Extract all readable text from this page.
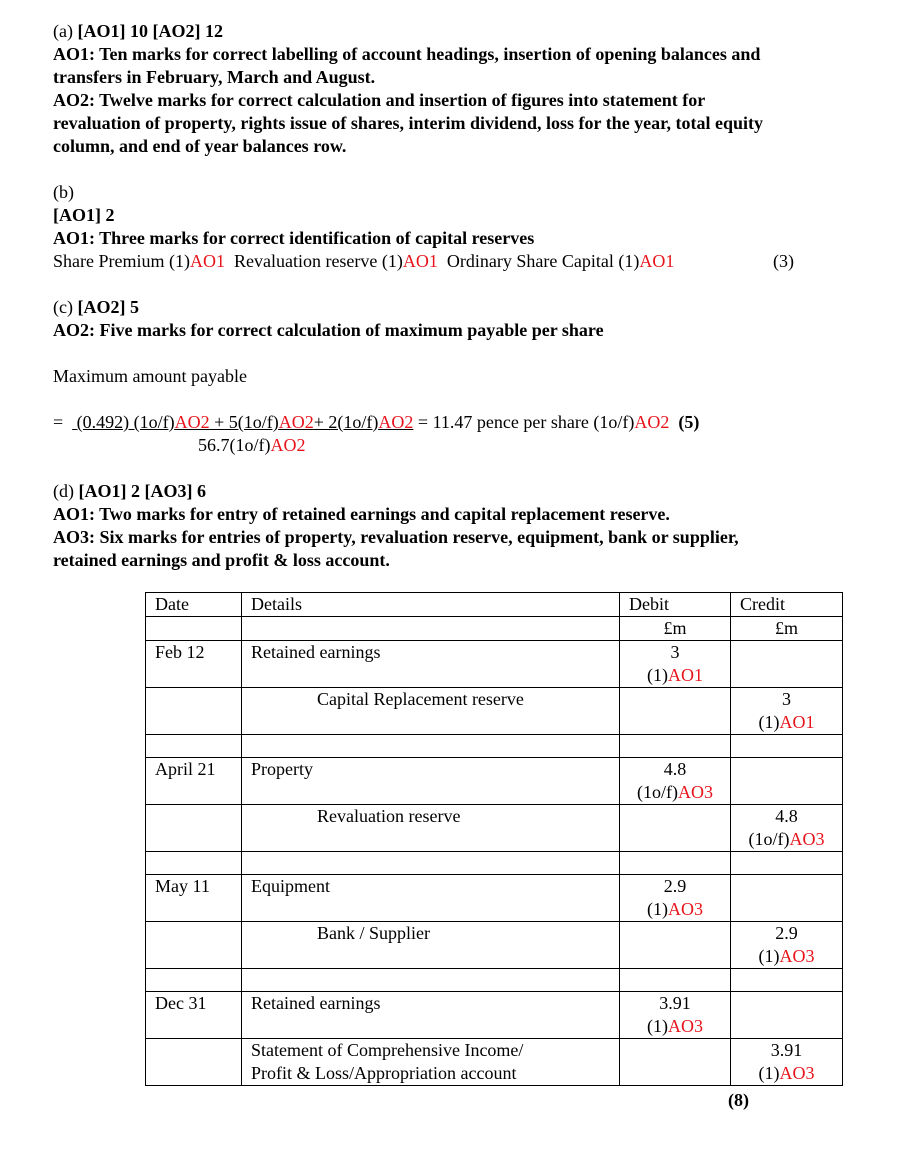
(a) [AO1] 10 [AO2] 12
AO1: Ten marks for correct labelling of account headings, insertion of opening balances and
transfers in February, March and August.
AO2: Twelve marks for correct calculation and insertion of figures into statement for
revaluation of property, rights issue of shares, interim dividend, loss for the year, total equity
column, and end of year balances row.
(b)
[AO1] 2
AO1: Three marks for correct identification of capital reserves
Share Premium (1)AO1 Revaluation reserve (1)AO1 Ordinary Share Capital (1)AO1	(3)
(c) [AO2] 5
AO2: Five marks for correct calculation of maximum payable per share
Maximum amount payable
= (0.492) (1o/f)AO2 + 5(1o/f)AO2+ 2(1o/f)AO2 = 11.47 pence per share (1o/f)AO2 (5)
56.7(1o/f)AO2
(d) [AO1] 2 [AO3] 6
AO1: Two marks for entry of retained earnings and capital replacement reserve.
AO3: Six marks for entries of property, revaluation reserve, equipment, bank or supplier,
retained earnings and profit & loss account.
Date	Details	Debit	Credit
		£m	£m
Feb 12	Retained earnings	3
(1)AO1	
	Capital Replacement reserve		3
(1)AO1

April 21	Property	4.8
(1o/f)AO3	
	Revaluation reserve		4.8
(1o/f)AO3

May 11	Equipment	2.9
(1)AO3	
	Bank / Supplier		2.9
(1)AO3

Dec 31	Retained earnings	3.91
(1)AO3	
	Statement of Comprehensive Income/
Profit & Loss/Appropriation account		3.91
(1)AO3
(8)
